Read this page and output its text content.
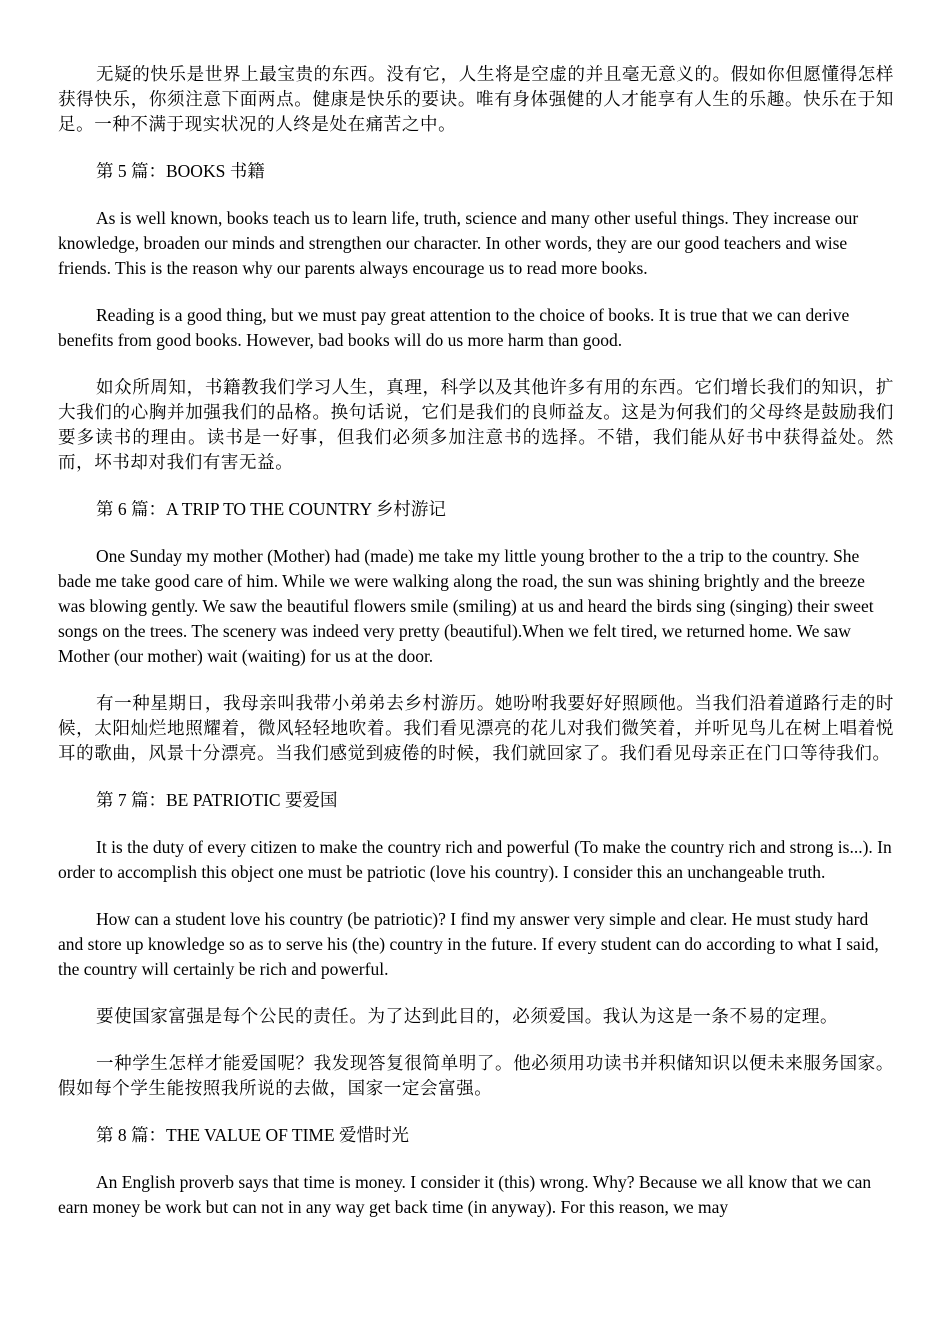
无疑的快乐是世界上最宝贵的东西。没有它，人生将是空虚的并且毫无意义的。假如你但愿懂得怎样获得快乐，你须注意下面两点。健康是快乐的要诀。唯有身体强健的人才能享有人生的乐趣。快乐在于知足。一种不满于现实状况的人终是处在痛苦之中。

第 5 篇：BOOKS 书籍

As is well known, books teach us to learn life, truth, science and many other useful things. They increase our knowledge, broaden our minds and strengthen our character. In other words, they are our good teachers and wise friends. This is the reason why our parents always encourage us to read more books.

Reading is a good thing, but we must pay great attention to the choice of books. It is true that we can derive benefits from good books. However, bad books will do us more harm than good.

如众所周知，书籍教我们学习人生，真理，科学以及其他许多有用的东西。它们增长我们的知识，扩大我们的心胸并加强我们的品格。换句话说，它们是我们的良师益友。这是为何我们的父母终是鼓励我们要多读书的理由。读书是一好事，但我们必须多加注意书的选择。不错，我们能从好书中获得益处。然而，坏书却对我们有害无益。

第 6 篇：A TRIP TO THE COUNTRY 乡村游记

One Sunday my mother (Mother) had (made) me take my little young brother to the a trip to the country. She bade me take good care of him. While we were walking along the road, the sun was shining brightly and the breeze was blowing gently. We saw the beautiful flowers smile (smiling) at us and heard the birds sing (singing) their sweet songs on the trees. The scenery was indeed very pretty (beautiful).When we felt tired, we returned home. We saw Mother (our mother) wait (waiting) for us at the door.

有一种星期日，我母亲叫我带小弟弟去乡村游历。她吩咐我要好好照顾他。当我们沿着道路行走的时候，太阳灿烂地照耀着，微风轻轻地吹着。我们看见漂亮的花儿对我们微笑着，并听见鸟儿在树上唱着悦耳的歌曲，风景十分漂亮。当我们感觉到疲倦的时候，我们就回家了。我们看见母亲正在门口等待我们。

第 7 篇：BE PATRIOTIC 要爱国

It is the duty of every citizen to make the country rich and powerful (To make the country rich and strong is...). In order to accomplish this object one must be patriotic (love his country). I consider this an unchangeable truth.

How can a student love his country (be patriotic)? I find my answer very simple and clear. He must study hard and store up knowledge so as to serve his (the) country in the future. If every student can do according to what I said, the country will certainly be rich and powerful.

要使国家富强是每个公民的责任。为了达到此目的，必须爱国。我认为这是一条不易的定理。

一种学生怎样才能爱国呢？我发现答复很简单明了。他必须用功读书并积储知识以便未来服务国家。假如每个学生能按照我所说的去做，国家一定会富强。

第 8 篇：THE VALUE OF TIME 爱惜时光

An English proverb says that time is money. I consider it (this) wrong. Why? Because we all know that we can earn money be work but can not in any way get back time (in anyway). For this reason, we may
